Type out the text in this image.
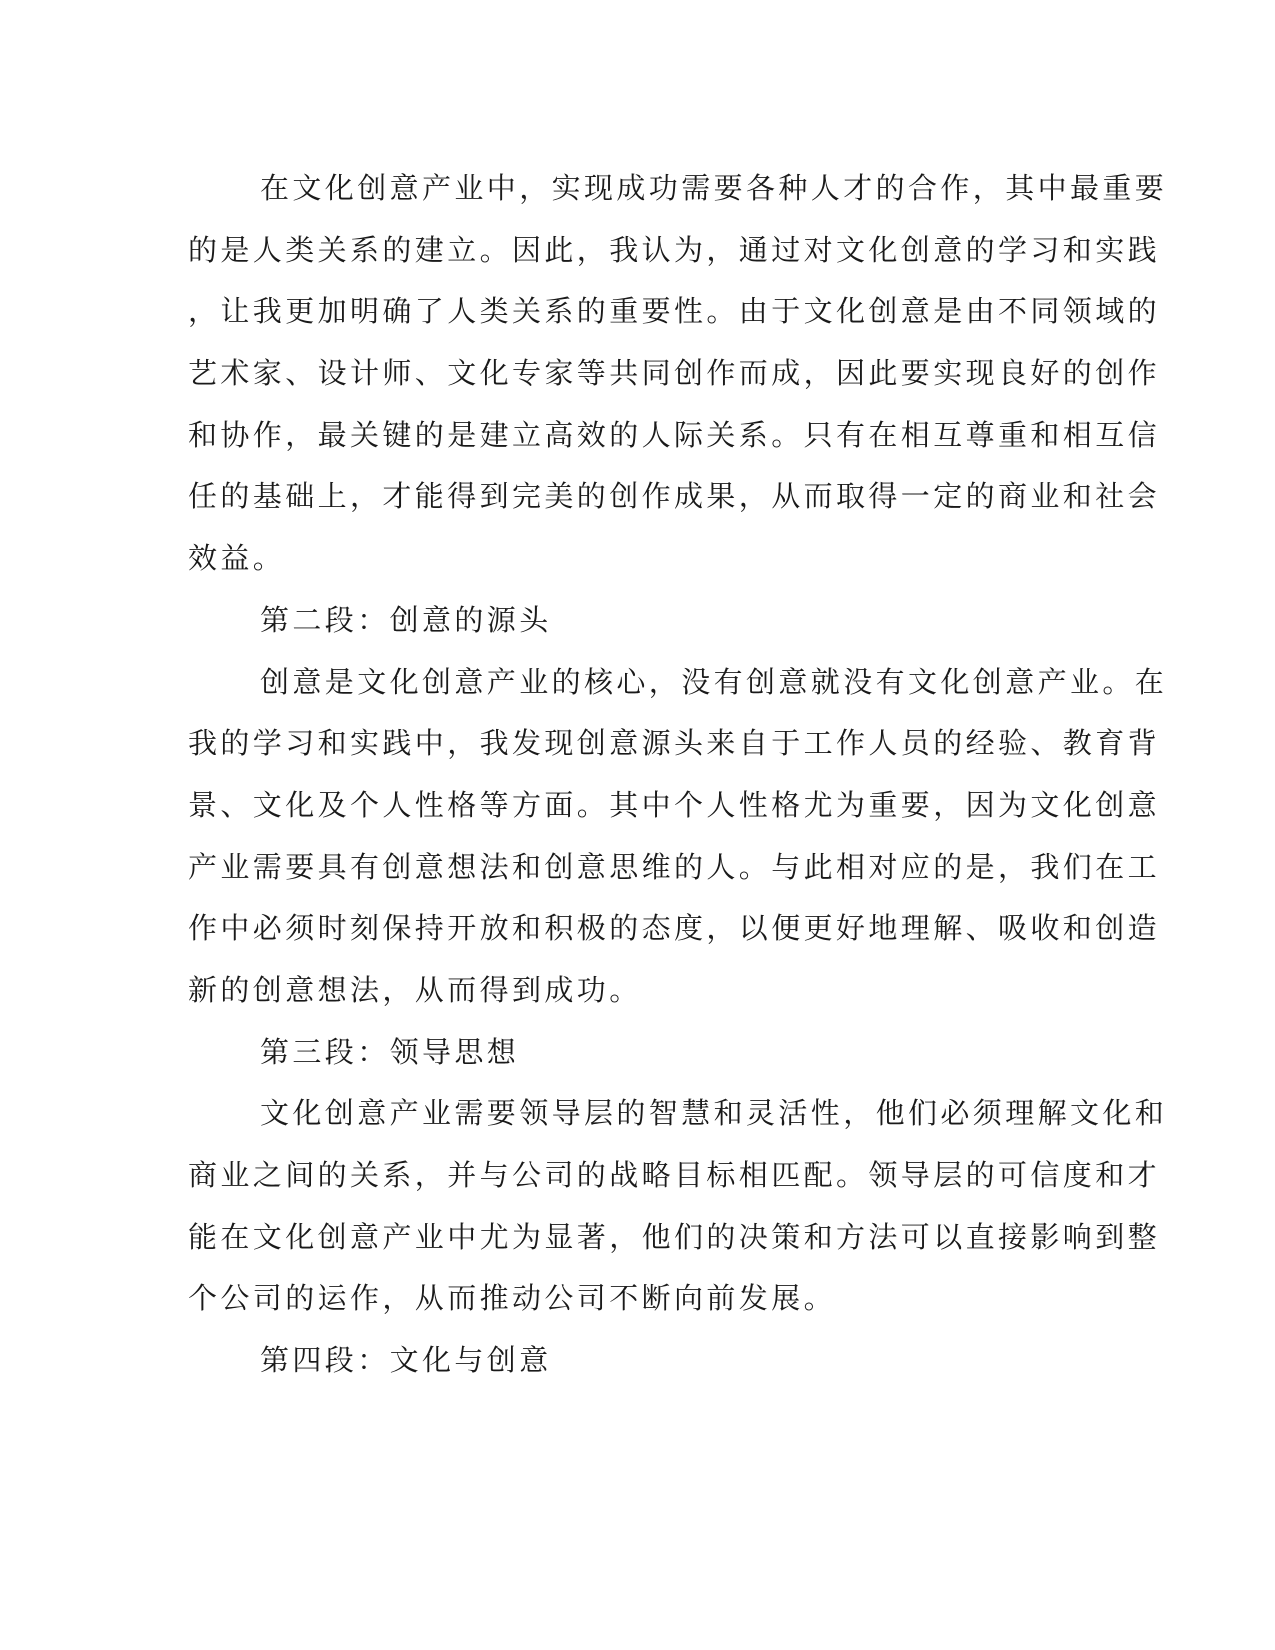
在文化创意产业中，实现成功需要各种人才的合作，其中最重要
的是人类关系的建立。因此，我认为，通过对文化创意的学习和实践
，让我更加明确了人类关系的重要性。由于文化创意是由不同领域的
艺术家、设计师、文化专家等共同创作而成，因此要实现良好的创作
和协作，最关键的是建立高效的人际关系。只有在相互尊重和相互信
任的基础上，才能得到完美的创作成果，从而取得一定的商业和社会
效益。

第二段：创意的源头

创意是文化创意产业的核心，没有创意就没有文化创意产业。在
我的学习和实践中，我发现创意源头来自于工作人员的经验、教育背
景、文化及个人性格等方面。其中个人性格尤为重要，因为文化创意
产业需要具有创意想法和创意思维的人。与此相对应的是，我们在工
作中必须时刻保持开放和积极的态度，以便更好地理解、吸收和创造
新的创意想法，从而得到成功。

第三段：领导思想

文化创意产业需要领导层的智慧和灵活性，他们必须理解文化和
商业之间的关系，并与公司的战略目标相匹配。领导层的可信度和才
能在文化创意产业中尤为显著，他们的决策和方法可以直接影响到整
个公司的运作，从而推动公司不断向前发展。

第四段：文化与创意
